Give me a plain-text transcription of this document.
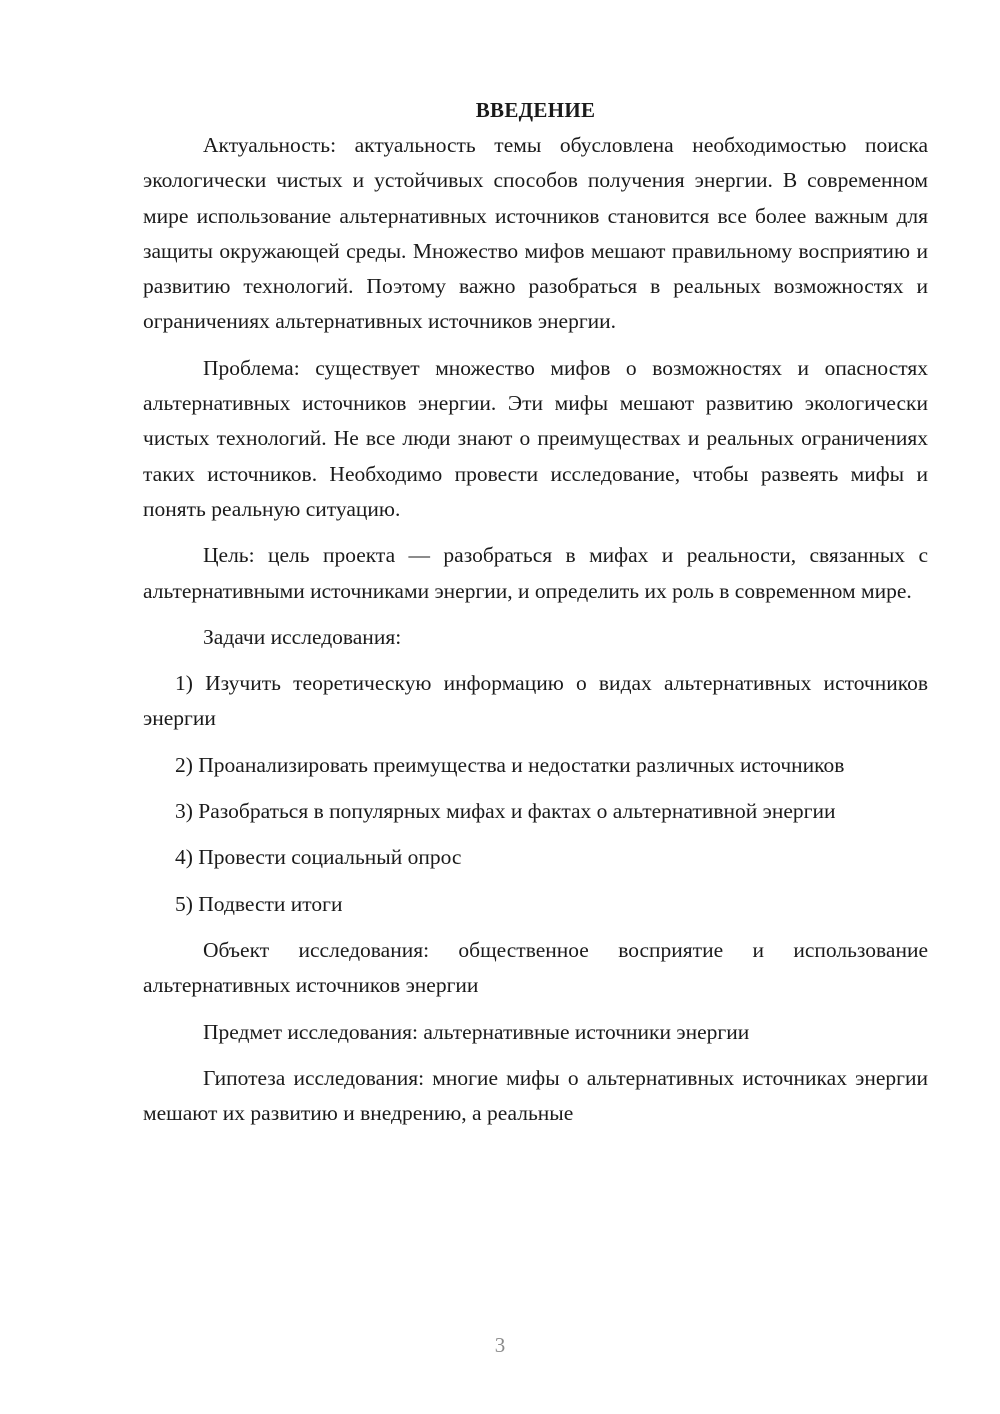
ВВЕДЕНИЕ

Актуальность: актуальность темы обусловлена необходимостью поиска экологически чистых и устойчивых способов получения энергии. В современном мире использование альтернативных источников становится все более важным для защиты окружающей среды. Множество мифов мешают правильному восприятию и развитию технологий. Поэтому важно разобраться в реальных возможностях и ограничениях альтернативных источников энергии.

Проблема: существует множество мифов о возможностях и опасностях альтернативных источников энергии. Эти мифы мешают развитию экологически чистых технологий. Не все люди знают о преимуществах и реальных ограничениях таких источников. Необходимо провести исследование, чтобы развеять мифы и понять реальную ситуацию.

Цель: цель проекта — разобраться в мифах и реальности, связанных с альтернативными источниками энергии, и определить их роль в современном мире.

Задачи исследования:

1) Изучить теоретическую информацию о видах альтернативных источников энергии

2) Проанализировать преимущества и недостатки различных источников

3) Разобраться в популярных мифах и фактах о альтернативной энергии

4) Провести социальный опрос

5) Подвести итоги

Объект исследования: общественное восприятие и использование альтернативных источников энергии

Предмет исследования: альтернативные источники энергии

Гипотеза исследования: многие мифы о альтернативных источниках энергии мешают их развитию и внедрению, а реальные

3
